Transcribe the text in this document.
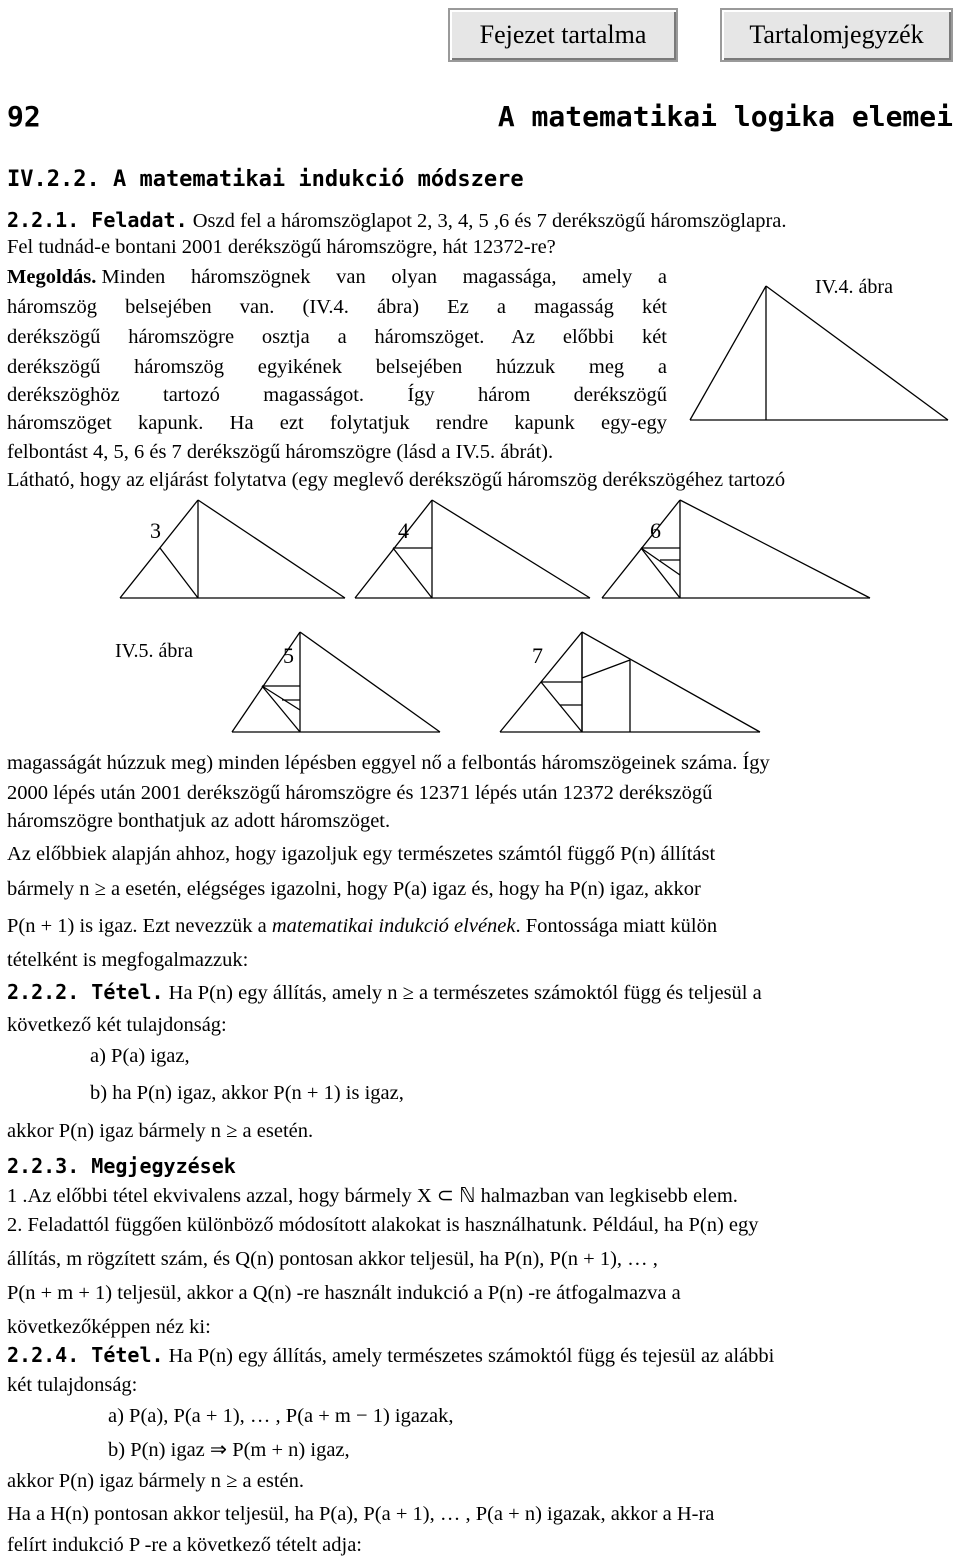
Fejezet tartalma	Tartalomjegyzék
92	A matematikai logika elemei
IV.2.2. A matematikai indukció módszere
2.2.1. Feladat. Oszd fel a háromszöglapot 2, 3, 4, 5 ,6 és 7 derékszögű háromszöglapra.
Fel tudnád-e bontani 2001 derékszögű háromszögre, hát 12372-re?
Megoldás.
Minden háromszögnek van olyan magassága, amely a
háromszög belsejében van. (IV.4. ábra) Ez a magasság két
derékszögű háromszögre osztja a háromszöget. Az előbbi két
derékszögű háromszög egyikének belsejében húzzuk meg a
derékszöghöz tartozó magasságot. Így három derékszögű
háromszöget kapunk. Ha ezt folytatjuk rendre kapunk egy-egy
felbontást 4, 5, 6 és 7 derékszögű háromszögre (lásd a IV.5. ábrát).
Látható, hogy az eljárást folytatva (egy meglevő derékszögű háromszög derékszögéhez tartozó
IV.4. ábra
3	4	6
IV.5. ábra	5	7
magasságát húzzuk meg) minden lépésben eggyel nő a felbontás háromszögeinek száma. Így
2000 lépés után 2001 derékszögű háromszögre és 12371 lépés után 12372 derékszögű
háromszögre bonthatjuk az adott háromszöget.
Az előbbiek alapján ahhoz, hogy igazoljuk egy természetes számtól függő P(n) állítást
bármely n ≥ a esetén, elégséges igazolni, hogy P(a) igaz és, hogy ha P(n) igaz, akkor
P(n + 1) is igaz. Ezt nevezzük a matematikai indukció elvének. Fontossága miatt külön
tételként is megfogalmazzuk:
2.2.2. Tétel. Ha P(n) egy állítás, amely n ≥ a természetes számoktól függ és teljesül a
következő két tulajdonság:
a) P(a) igaz,
b) ha P(n) igaz, akkor P(n + 1) is igaz,
akkor P(n) igaz bármely n ≥ a esetén.
2.2.3. Megjegyzések
1 .Az előbbi tétel ekvivalens azzal, hogy bármely X ⊂ ℕ halmazban van legkisebb elem.
2. Feladattól függően különböző módosított alakokat is használhatunk. Például, ha P(n) egy
állítás, m rögzített szám, és Q(n) pontosan akkor teljesül, ha P(n), P(n + 1), … ,
P(n + m + 1) teljesül, akkor a Q(n) -re használt indukció a P(n) -re átfogalmazva a
következőképpen néz ki:
2.2.4. Tétel. Ha P(n) egy állítás, amely természetes számoktól függ és tejesül az alábbi
két tulajdonság:
a) P(a), P(a + 1), … , P(a + m − 1) igazak,
b) P(n) igaz ⇒ P(m + n) igaz,
akkor P(n) igaz bármely n ≥ a estén.
Ha a H(n) pontosan akkor teljesül, ha P(a), P(a + 1), … , P(a + n) igazak, akkor a H-ra
felírt indukció P -re a következő tételt adja:
